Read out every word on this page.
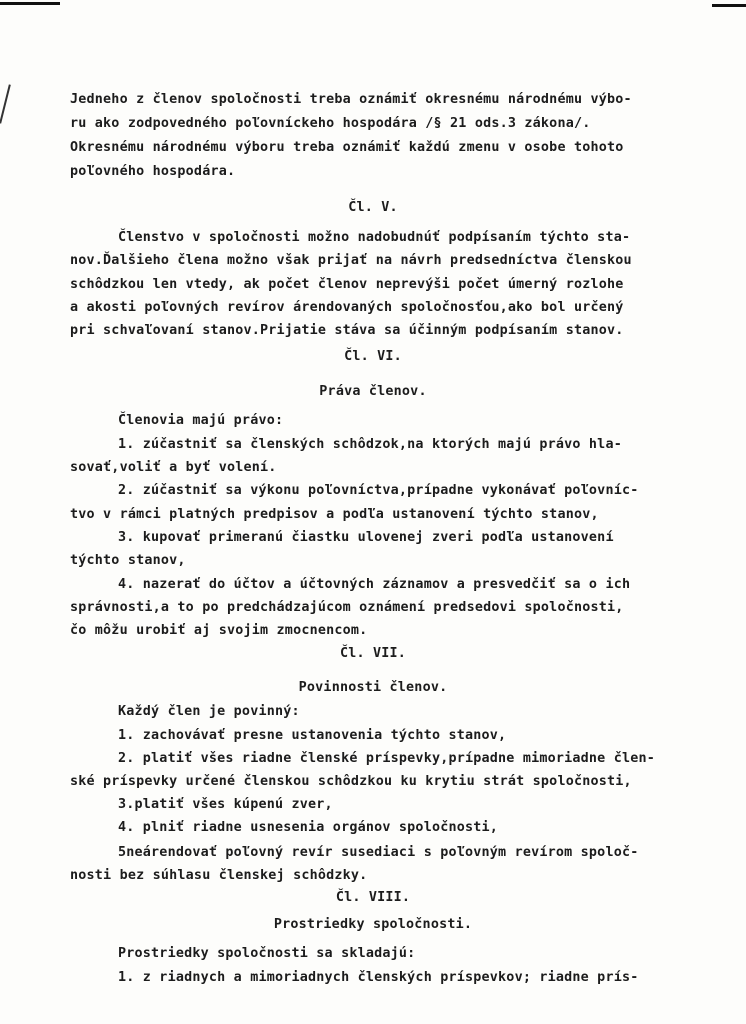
Jedneho z členov spoločnosti treba oznámiť okresnému národnému výbo-
ru ako zodpovedného poľovníckeho hospodára /§ 21 ods.3 zákona/.
Okresnému národnému výboru treba oznámiť každú zmenu v osobe tohoto
poľovného hospodára.
Čl. V.
Členstvo v spoločnosti možno nadobudnúť podpísaním týchto sta-
nov.Ďalšieho člena možno však prijať na návrh predsedníctva členskou
schôdzkou len vtedy, ak počet členov neprevýši počet úmerný rozlohe
a akosti poľovných revírov árendovaných spoločnosťou,ako bol určený
pri schvaľovaní stanov.Prijatie stáva sa účinným podpísaním stanov.
Čl. VI.
Práva členov.
Členovia majú právo:
1. zúčastniť sa členských schôdzok,na ktorých majú právo hla-
sovať,voliť a byť volení.
2. zúčastniť sa výkonu poľovníctva,prípadne vykonávať poľovníc-
tvo v rámci platných predpisov a podľa ustanovení týchto stanov,
3. kupovať primeranú čiastku ulovenej zveri podľa ustanovení
týchto stanov,
4. nazerať do účtov a účtovných záznamov a presvedčiť sa o ich
správnosti,a to po predchádzajúcom oznámení predsedovi spoločnosti,
čo môžu urobiť aj svojim zmocnencom.
Čl. VII.
Povinnosti členov.
Každý člen je povinný:
1. zachovávať presne ustanovenia týchto stanov,
2. platiť všes riadne členské príspevky,prípadne mimoriadne člen-
ské príspevky určené členskou schôdzkou ku krytiu strát spoločnosti,
3.platiť všes kúpenú zver,
4. plniť riadne usnesenia orgánov spoločnosti,
5neárendovať poľovný revír susediaci s poľovným revírom spoloč-
nosti bez súhlasu členskej schôdzky.
Čl. VIII.
Prostriedky spoločnosti.
Prostriedky spoločnosti sa skladajú:
1. z riadnych a mimoriadnych členských príspevkov; riadne prís-
